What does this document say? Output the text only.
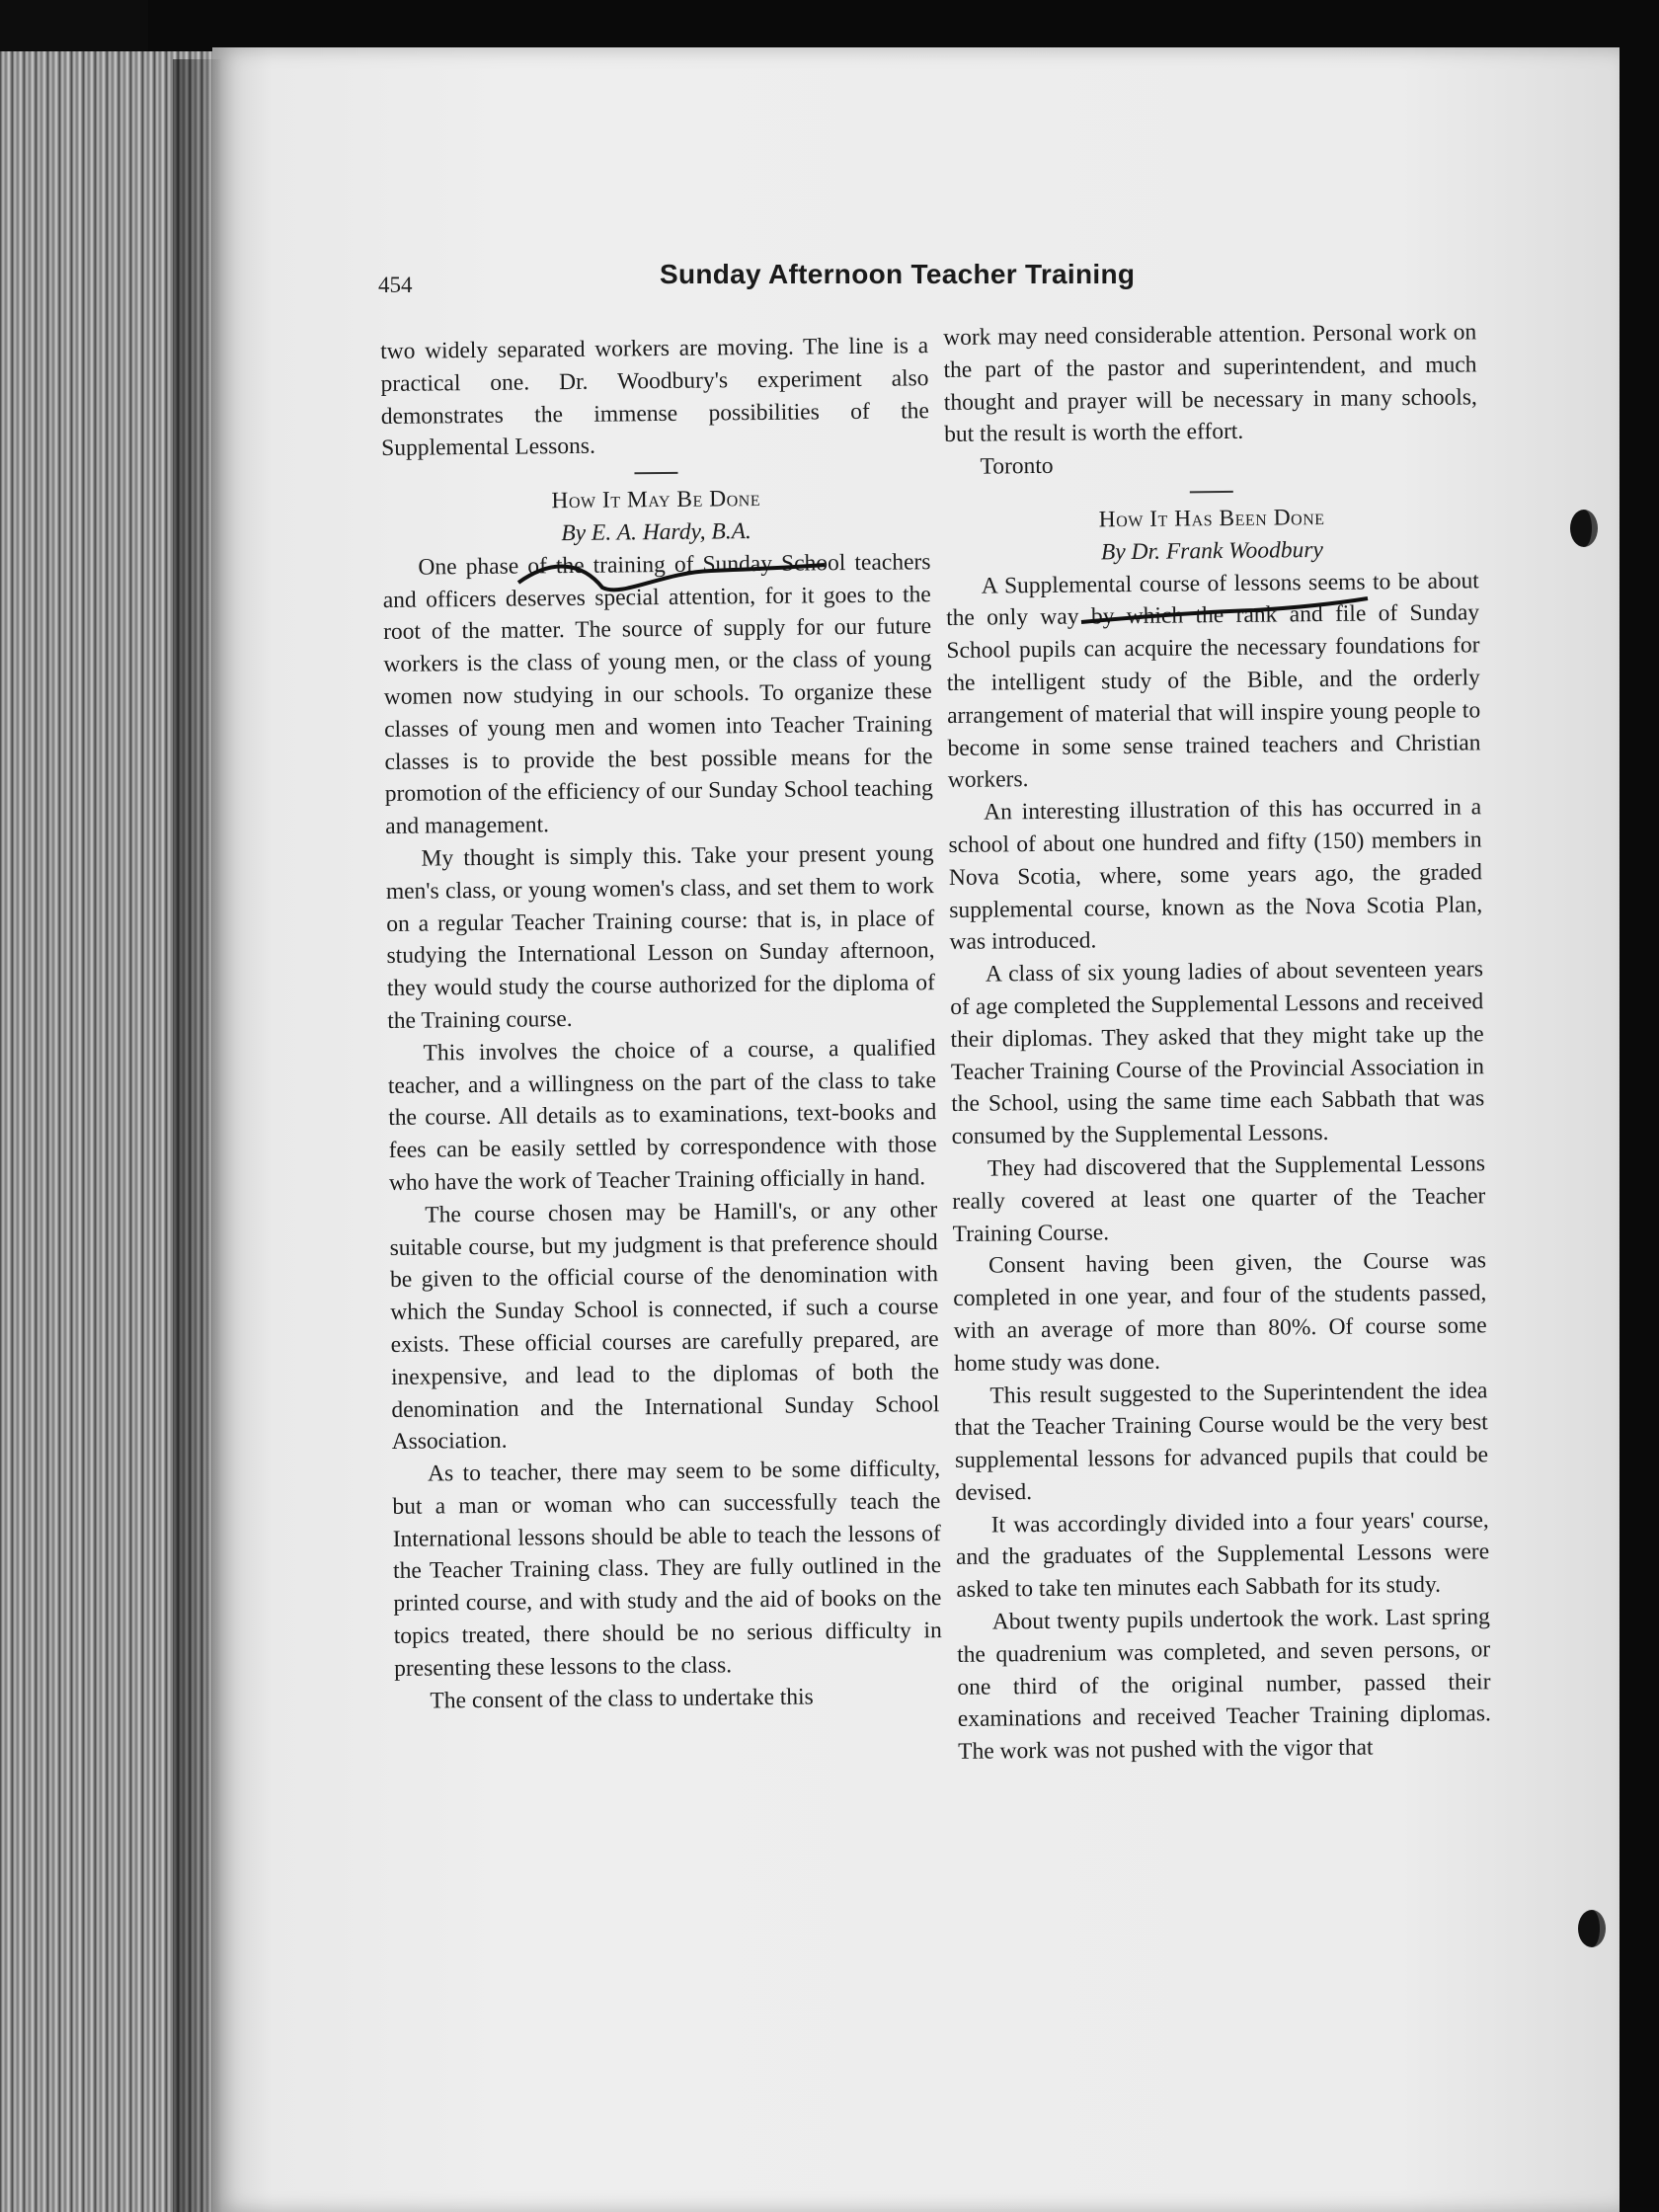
454	Sunday Afternoon Teacher Training

two widely separated workers are moving. The line is a practical one. Dr. Woodbury's experiment also demonstrates the immense possibilities of the Supplemental Lessons.

How It May Be Done

By E. A. Hardy, B.A.

One phase of the training of Sunday School teachers and officers deserves special attention, for it goes to the root of the matter. The source of supply for our future workers is the class of young men, or the class of young women now studying in our schools. To organize these classes of young men and women into Teacher Training classes is to provide the best possible means for the promotion of the efficiency of our Sunday School teaching and management.

My thought is simply this. Take your present young men's class, or young women's class, and set them to work on a regular Teacher Training course: that is, in place of studying the International Lesson on Sunday afternoon, they would study the course authorized for the diploma of the Training course.

This involves the choice of a course, a qualified teacher, and a willingness on the part of the class to take the course. All details as to examinations, text-books and fees can be easily settled by correspondence with those who have the work of Teacher Training officially in hand.

The course chosen may be Hamill's, or any other suitable course, but my judgment is that preference should be given to the official course of the denomination with which the Sunday School is connected, if such a course exists. These official courses are carefully prepared, are inexpensive, and lead to the diplomas of both the denomination and the International Sunday School Association.

As to teacher, there may seem to be some difficulty, but a man or woman who can successfully teach the International lessons should be able to teach the lessons of the Teacher Training class. They are fully outlined in the printed course, and with study and the aid of books on the topics treated, there should be no serious difficulty in presenting these lessons to the class.

The consent of the class to undertake this

work may need considerable attention. Personal work on the part of the pastor and superintendent, and much thought and prayer will be necessary in many schools, but the result is worth the effort.

Toronto

How It Has Been Done

By Dr. Frank Woodbury

A Supplemental course of lessons seems to be about the only way by which the rank and file of Sunday School pupils can acquire the necessary foundations for the intelligent study of the Bible, and the orderly arrangement of material that will inspire young people to become in some sense trained teachers and Christian workers.

An interesting illustration of this has occurred in a school of about one hundred and fifty (150) members in Nova Scotia, where, some years ago, the graded supplemental course, known as the Nova Scotia Plan, was introduced.

A class of six young ladies of about seventeen years of age completed the Supplemental Lessons and received their diplomas. They asked that they might take up the Teacher Training Course of the Provincial Association in the School, using the same time each Sabbath that was consumed by the Supplemental Lessons.

They had discovered that the Supplemental Lessons really covered at least one quarter of the Teacher Training Course.

Consent having been given, the Course was completed in one year, and four of the students passed, with an average of more than 80%. Of course some home study was done.

This result suggested to the Superintendent the idea that the Teacher Training Course would be the very best supplemental lessons for advanced pupils that could be devised.

It was accordingly divided into a four years' course, and the graduates of the Supplemental Lessons were asked to take ten minutes each Sabbath for its study.

About twenty pupils undertook the work. Last spring the quadrenium was completed, and seven persons, or one third of the original number, passed their examinations and received Teacher Training diplomas. The work was not pushed with the vigor that
